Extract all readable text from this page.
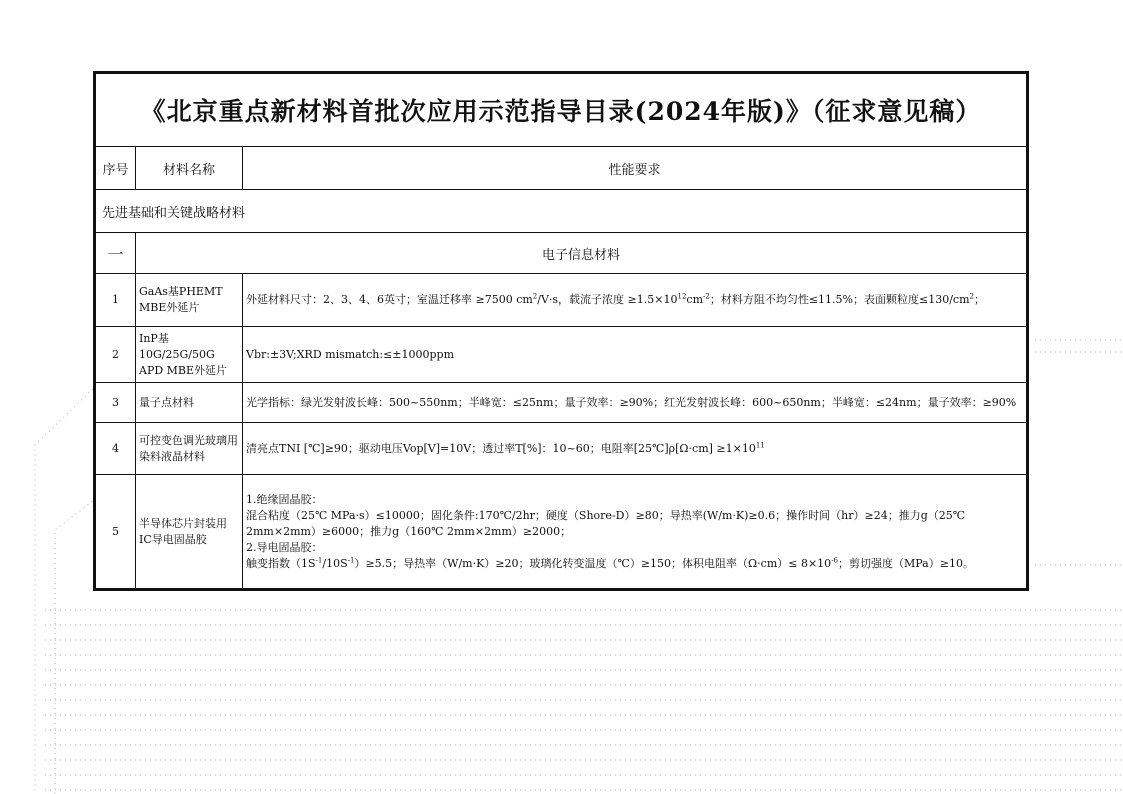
《北京重点新材料首批次应用示范指导目录(2024年版)》（征求意见稿）		
序号	材料名称	性能要求
先进基础和关键战略材料		
一	电子信息材料	
1	GaAs基PHEMT MBE外延片	外延材料尺寸：2、3、4、6英寸；室温迁移率 ≥7500 $cm^2/V\cdot s$，载流子浓度 $\ge 1.5\times 10^{12}cm^{-2}$；材料方阻不均匀性≤11.5%；表面颗粒度$\le 130/cm^2$；
2	InP基10G/25G/50G APD MBE外延片	Vbr:±3V;XRD mismatch:≤±1000ppm
3	量子点材料	光学指标：绿光发射波长峰：500~550nm；半峰宽：≤25nm；量子效率：≥90%；红光发射波长峰：600~650nm；半峰宽：≤24nm；量子效率：≥90%
4	可控变色调光玻璃用染料液晶材料	清亮点TNI [℃]≥90；驱动电压Vop[V]=10V；透过率T[%]：10~60；电阻率[25℃]ρ[Ω·cm] $\ge 1\times 10^{11}$
5	半导体芯片封装用IC导电固晶胶	1.绝缘固晶胶：

混合粘度（25℃ MPa·s）≤10000；固化条件:170℃/2hr；硬度（Shore-D）≥80；导热率(W/m·K)≥0.6；操作时间（hr）≥24；推力g（25℃ 2mm×2mm）≥6000；推力g（160℃ 2mm×2mm）≥2000；

2.导电固晶胶：

触变指数$(1S^{-1}/10S^{-1})\ge 5.5$；导热率（W/m·K）≥20；玻璃化转变温度（℃）≥150；体积电阻率$(\Omega\cdot cm)\le 8\times 10^{-6}$；剪切强度（MPa）≥10。
